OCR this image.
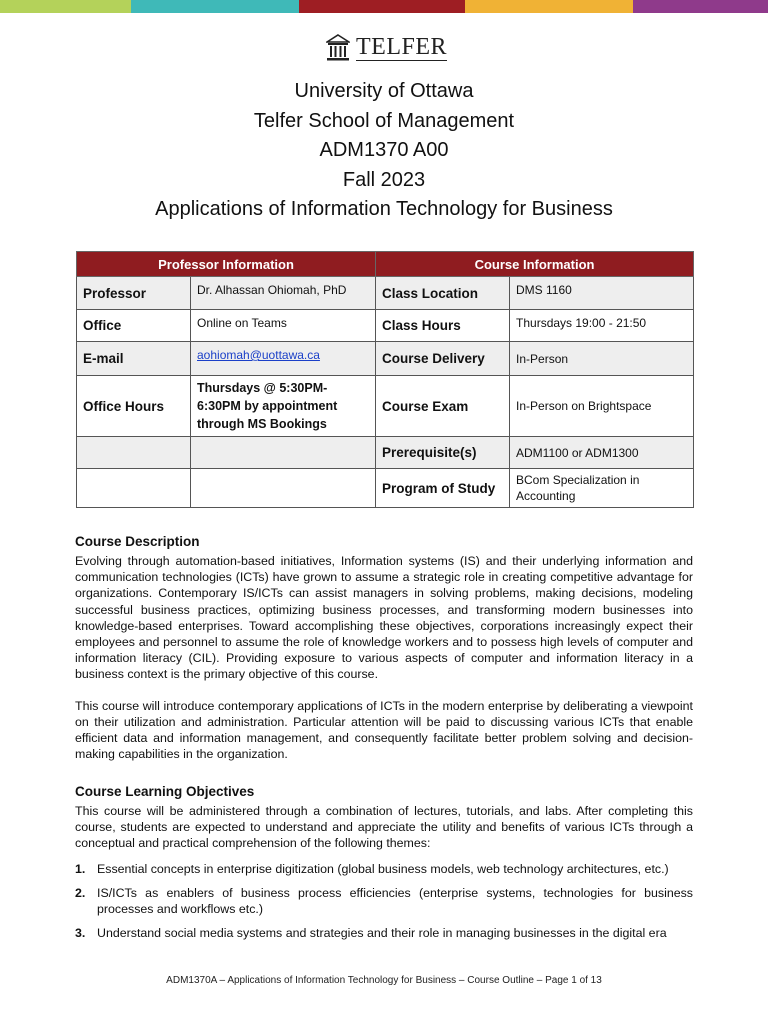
TELFER
University of Ottawa
Telfer School of Management
ADM1370 A00
Fall 2023
Applications of Information Technology for Business
Professor Information		Course Information	
Professor	Dr. Alhassan Ohiomah, PhD	Class Location	DMS 1160
Office	Online on Teams	Class Hours	Thursdays 19:00 - 21:50
E-mail	aohiomah@uottawa.ca	Course Delivery	In-Person
Office Hours	Thursdays @ 5:30PM-6:30PM by appointment through MS Bookings	Course Exam	In-Person on Brightspace
		Prerequisite(s)	ADM1100 or ADM1300
		Program of Study	BCom Specialization in Accounting

Course Description

Evolving through automation-based initiatives, Information systems (IS) and their underlying information and communication technologies (ICTs) have grown to assume a strategic role in creating competitive advantage for organizations. Contemporary IS/ICTs can assist managers in solving problems, making decisions, modeling successful business practices, optimizing business processes, and transforming modern businesses into knowledge-based enterprises. Toward accomplishing these objectives, corporations increasingly expect their employees and personnel to assume the role of knowledge workers and to possess high levels of computer and information literacy (CIL). Providing exposure to various aspects of computer and information literacy in a business context is the primary objective of this course.

This course will introduce contemporary applications of ICTs in the modern enterprise by deliberating a viewpoint on their utilization and administration. Particular attention will be paid to discussing various ICTs that enable efficient data and information management, and consequently facilitate better problem solving and decision-making capabilities in the organization.

Course Learning Objectives

This course will be administered through a combination of lectures, tutorials, and labs. After completing this course, students are expected to understand and appreciate the utility and benefits of various ICTs through a conceptual and practical comprehension of the following themes:

1. Essential concepts in enterprise digitization (global business models, web technology architectures, etc.)
2. IS/ICTs as enablers of business process efficiencies (enterprise systems, technologies for business processes and workflows etc.)
3. Understand social media systems and strategies and their role in managing businesses in the digital era
ADM1370A – Applications of Information Technology for Business – Course Outline – Page 1 of 13
